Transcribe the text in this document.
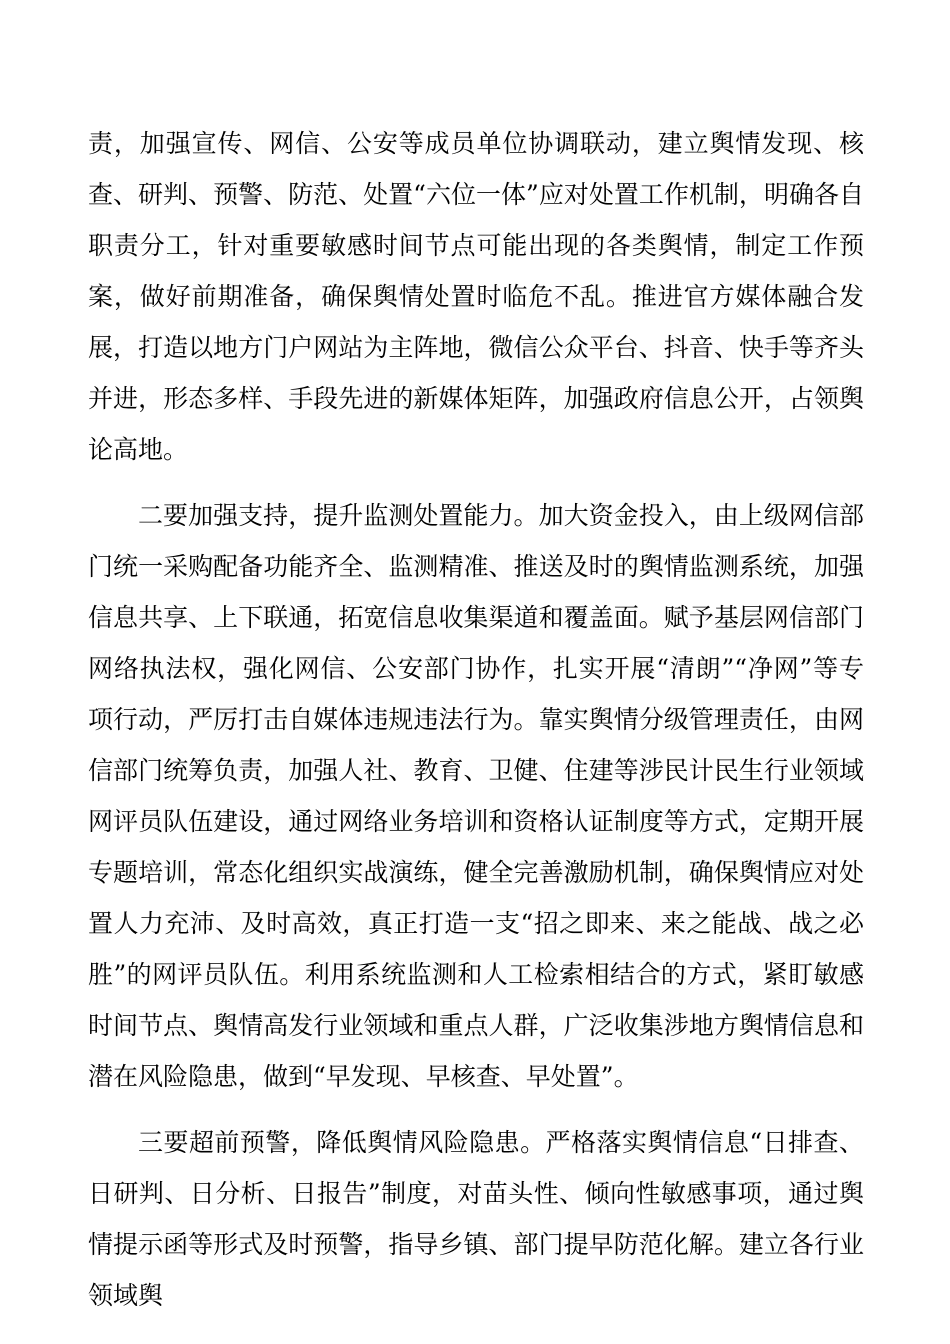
责，加强宣传、网信、公安等成员单位协调联动，建立舆情发现、核查、研判、预警、防范、处置“六位一体”应对处置工作机制，明确各自职责分工，针对重要敏感时间节点可能出现的各类舆情，制定工作预案，做好前期准备，确保舆情处置时临危不乱。推进官方媒体融合发展，打造以地方门户网站为主阵地，微信公众平台、抖音、快手等齐头并进，形态多样、手段先进的新媒体矩阵，加强政府信息公开，占领舆论高地。

二要加强支持，提升监测处置能力。加大资金投入，由上级网信部门统一采购配备功能齐全、监测精准、推送及时的舆情监测系统，加强信息共享、上下联通，拓宽信息收集渠道和覆盖面。赋予基层网信部门网络执法权，强化网信、公安部门协作，扎实开展“清朗”“净网”等专项行动，严厉打击自媒体违规违法行为。靠实舆情分级管理责任，由网信部门统筹负责，加强人社、教育、卫健、住建等涉民计民生行业领域网评员队伍建设，通过网络业务培训和资格认证制度等方式，定期开展专题培训，常态化组织实战演练，健全完善激励机制，确保舆情应对处置人力充沛、及时高效，真正打造一支“招之即来、来之能战、战之必胜”的网评员队伍。利用系统监测和人工检索相结合的方式，紧盯敏感时间节点、舆情高发行业领域和重点人群，广泛收集涉地方舆情信息和潜在风险隐患，做到“早发现、早核查、早处置”。

三要超前预警，降低舆情风险隐患。严格落实舆情信息“日排查、日研判、日分析、日报告”制度，对苗头性、倾向性敏感事项，通过舆情提示函等形式及时预警，指导乡镇、部门提早防范化解。建立各行业领域舆
